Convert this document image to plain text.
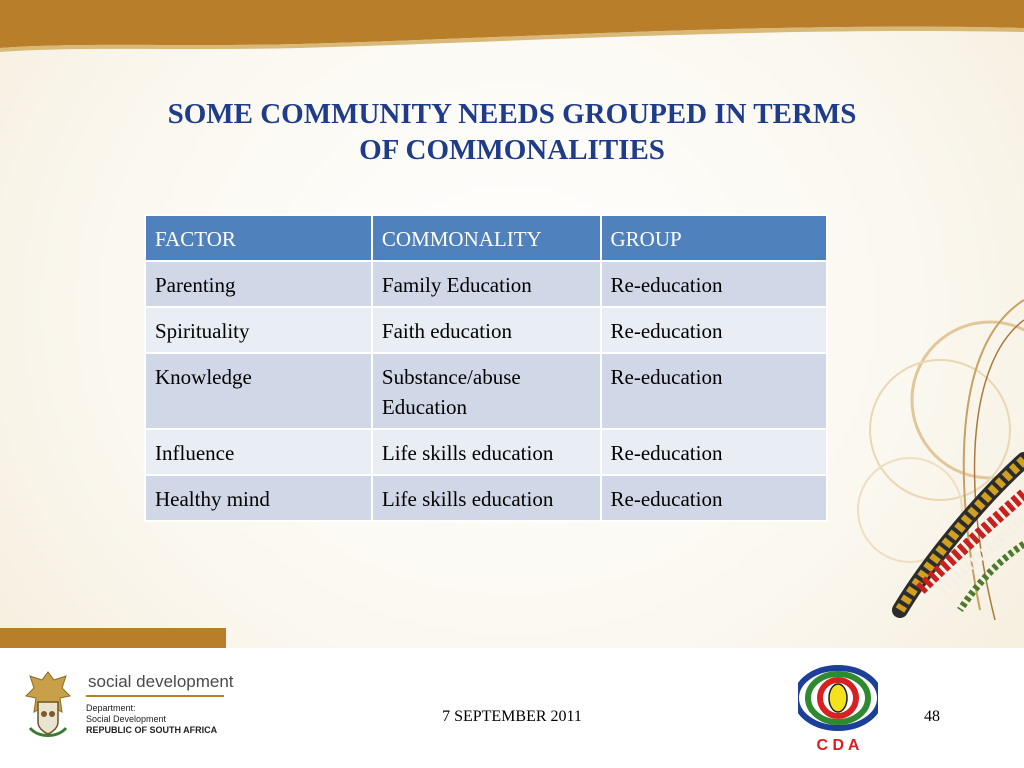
SOME COMMUNITY NEEDS GROUPED IN TERMS
OF COMMONALITIES
FACTOR	COMMONALITY	GROUP
Parenting	Family Education	Re-education
Spirituality	Faith education	Re-education
Knowledge	Substance/abuse Education	Re-education
Influence	Life skills education	Re-education
Healthy mind	Life skills education	Re-education
social development
Department:
Social Development
REPUBLIC OF SOUTH AFRICA
7 SEPTEMBER 2011
C D A
48
